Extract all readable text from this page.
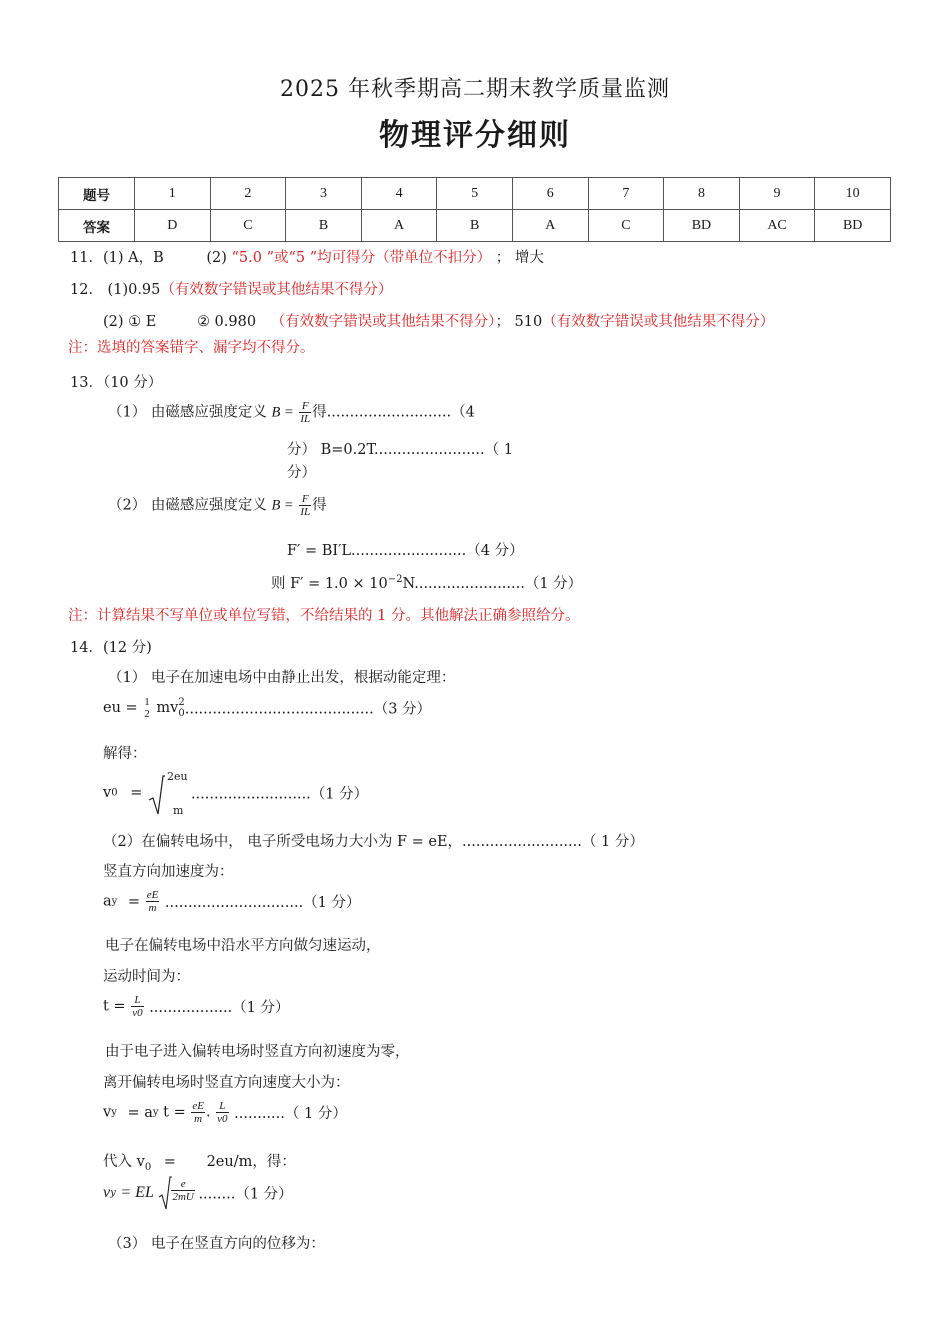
2025 年秋季期高二期末教学质量监测
物理评分细则
题号	1	2	3	4	5	6	7	8	9	10
答案	D	C	B	A	B	A	C	BD	AC	BD
11．(1) A，B	(2) “5.0 ”或“5 ”均可得分（带单位不扣分） ； 增大
12． (1)0.95（有效数字错误或其他结果不得分）
(2) ① E	② 0.980 （有效数字错误或其他结果不得分）； 510（有效数字错误或其他结果不得分）
注：选填的答案错字、漏字均不得分。
13．（10 分）
（1） 由磁感应强度定义 $B = \frac{F}{IL}$ 得...........................（4
分） B=0.2T........................（ 1
分）
（2） 由磁感应强度定义 $B = \frac{F}{IL}$ 得
F′ = BI′L.........................（4 分）
则 $F' = 1.0 \times 10^{-2}N........................(1$ 分）
注：计算结果不写单位或单位写错，不给结果的 1 分。其他解法正确参照给分。
14．(12 分)
（1） 电子在加速电场中由静止出发，根据动能定理：
eu = 1
2 mv 2
0 .........................................（3 分）
解得：
v0 =
2eu
m
..........................（1 分）
（2）在偏转电场中， 电子所受电场力大小为 F = eE，..........................（ 1 分）
竖直方向加速度为：
ay = $\frac{eE}{m} ..............................(1$ 分）
电子在偏转电场中沿水平方向做匀速运动，
运动时间为：
$t = \frac{L}{v0} ..................(1$ 分）
由于电子进入偏转电场时竖直方向初速度为零，
离开偏转电场时竖直方向速度大小为：
vy = ay $t = \frac{eE}{m}$ . $\frac{L}{v0}$ ...........（ 1 分）
代入 $v_0 = 2eu/m$，得：
vy = EL $\frac{e}{2mU} ........(1$ 分）
（3） 电子在竖直方向的位移为：
